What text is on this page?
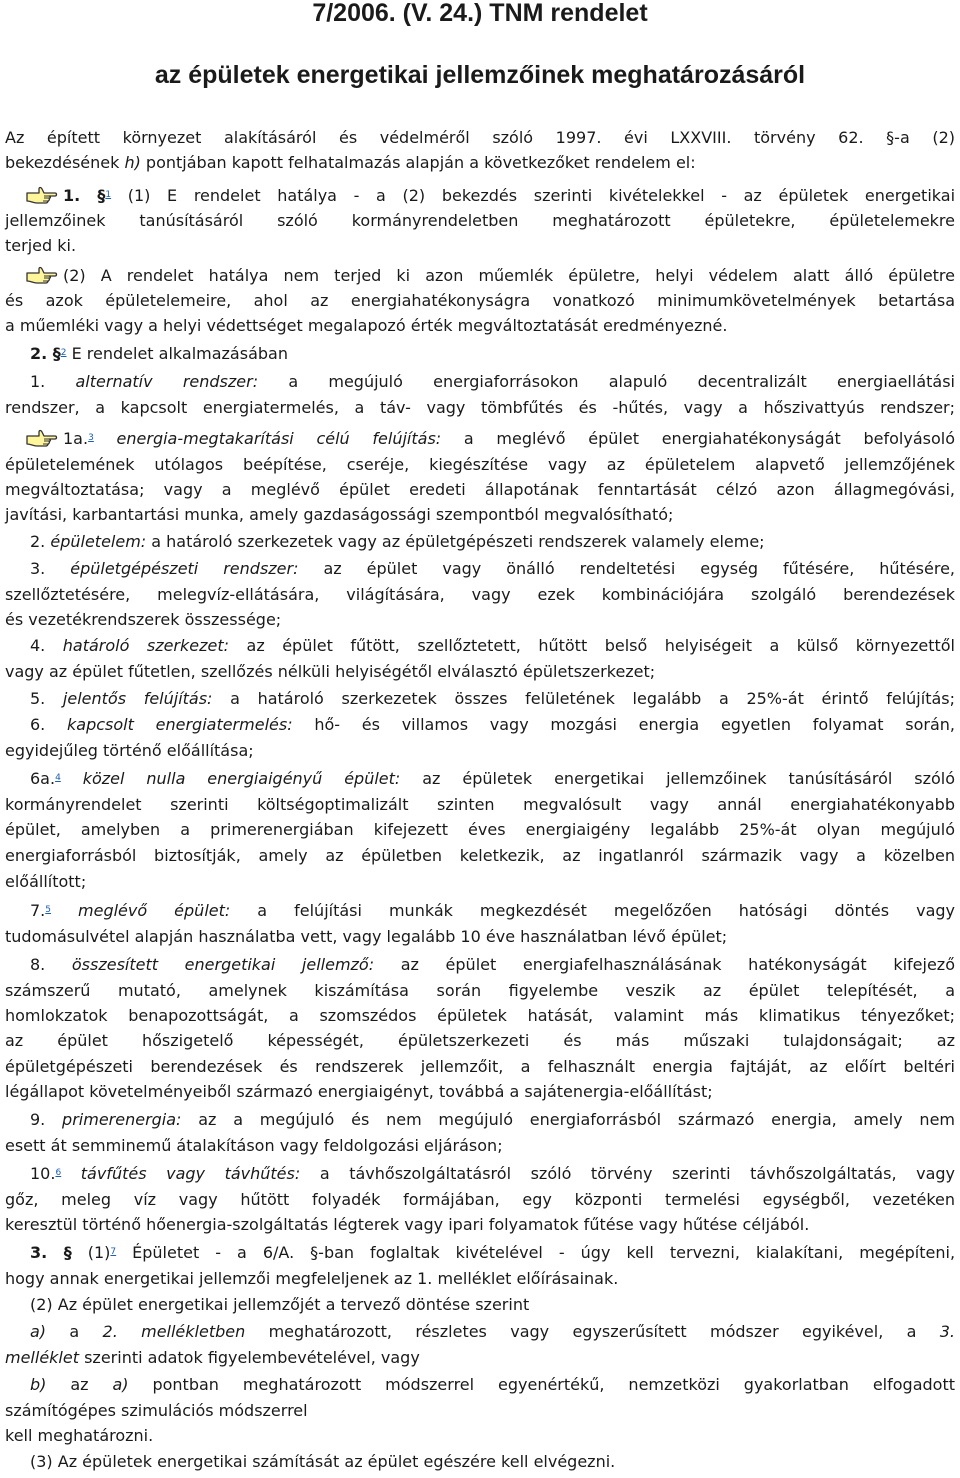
7/2006. (V. 24.) TNM rendelet
az épületek energetikai jellemzőinek meghatározásáról
Az épített környezet alakításáról és védelméről szóló 1997. évi LXXVIII. törvény 62. §-a (2)
bekezdésének h) pontjában kapott felhatalmazás alapján a következőket rendelem el:
1. §$^1$ (1) E rendelet hatálya - a (2) bekezdés szerinti kivételekkel - az épületek energetikai
jellemzőinek tanúsításáról szóló kormányrendeletben meghatározott épületekre, épületelemekre
terjed ki.
(2) A rendelet hatálya nem terjed ki azon műemlék épületre, helyi védelem alatt álló épületre
és azok épületelemeire, ahol az energiahatékonyságra vonatkozó minimumkövetelmények betartása
a műemléki vagy a helyi védettséget megalapozó érték megváltoztatását eredményezné.
2. §$^2$ E rendelet alkalmazásában
1. alternatív rendszer: a megújuló energiaforrásokon alapuló decentralizált energiaellátási
rendszer, a kapcsolt energiatermelés, a táv- vagy tömbfűtés és -hűtés, vagy a hőszivattyús rendszer;
1a.$^3$ energia-megtakarítási célú felújítás: a meglévő épület energiahatékonyságát befolyásoló
épületelemének utólagos beépítése, cseréje, kiegészítése vagy az épületelem alapvető jellemzőjének
megváltoztatása; vagy a meglévő épület eredeti állapotának fenntartását célzó azon állagmegóvási,
javítási, karbantartási munka, amely gazdaságossági szempontból megvalósítható;
2. épületelem: a határoló szerkezetek vagy az épületgépészeti rendszerek valamely eleme;
3. épületgépészeti rendszer: az épület vagy önálló rendeltetési egység fűtésére, hűtésére,
szellőztetésére, melegvíz-ellátására, világítására, vagy ezek kombinációjára szolgáló berendezések
és vezetékrendszerek összessége;
4. határoló szerkezet: az épület fűtött, szellőztetett, hűtött belső helyiségeit a külső környezettől
vagy az épület fűtetlen, szellőzés nélküli helyiségétől elválasztó épületszerkezet;
5. jelentős felújítás: a határoló szerkezetek összes felületének legalább a 25%-át érintő felújítás;
6. kapcsolt energiatermelés: hő- és villamos vagy mozgási energia egyetlen folyamat során,
egyidejűleg történő előállítása;
6a.$^4$ közel nulla energiaigényű épület: az épületek energetikai jellemzőinek tanúsításáról szóló
kormányrendelet szerinti költségoptimalizált szinten megvalósult vagy annál energiahatékonyabb
épület, amelyben a primerenergiában kifejezett éves energiaigény legalább 25%-át olyan megújuló
energiaforrásból biztosítják, amely az épületben keletkezik, az ingatlanról származik vagy a közelben
előállított;
7.$^5$ meglévő épület: a felújítási munkák megkezdését megelőzően hatósági döntés vagy
tudomásulvétel alapján használatba vett, vagy legalább 10 éve használatban lévő épület;
8. összesített energetikai jellemző: az épület energiafelhasználásának hatékonyságát kifejező
számszerű mutató, amelynek kiszámítása során figyelembe veszik az épület telepítését, a
homlokzatok benapozottságát, a szomszédos épületek hatását, valamint más klimatikus tényezőket;
az épület hőszigetelő képességét, épületszerkezeti és más műszaki tulajdonságait; az
épületgépészeti berendezések és rendszerek jellemzőit, a felhasznált energia fajtáját, az előírt beltéri
légállapot követelményeiből származó energiaigényt, továbbá a sajátenergia-előállítást;
9. primerenergia: az a megújuló és nem megújuló energiaforrásból származó energia, amely nem
esett át semminemű átalakításon vagy feldolgozási eljáráson;
10.$^6$ távfűtés vagy távhűtés: a távhőszolgáltatásról szóló törvény szerinti távhőszolgáltatás, vagy
gőz, meleg víz vagy hűtött folyadék formájában, egy központi termelési egységből, vezetéken
keresztül történő hőenergia-szolgáltatás légterek vagy ipari folyamatok fűtése vagy hűtése céljából.
3. § (1)$^7$ Épületet - a 6/A. §-ban foglaltak kivételével - úgy kell tervezni, kialakítani, megépíteni,
hogy annak energetikai jellemzői megfeleljenek az 1. melléklet előírásainak.
(2) Az épület energetikai jellemzőjét a tervező döntése szerint
a) a 2. mellékletben meghatározott, részletes vagy egyszerűsített módszer egyikével, a 3.
melléklet szerinti adatok figyelembevételével, vagy
b) az a) pontban meghatározott módszerrel egyenértékű, nemzetközi gyakorlatban elfogadott
számítógépes szimulációs módszerrel
kell meghatározni.
(3) Az épületek energetikai számítását az épület egészére kell elvégezni.
